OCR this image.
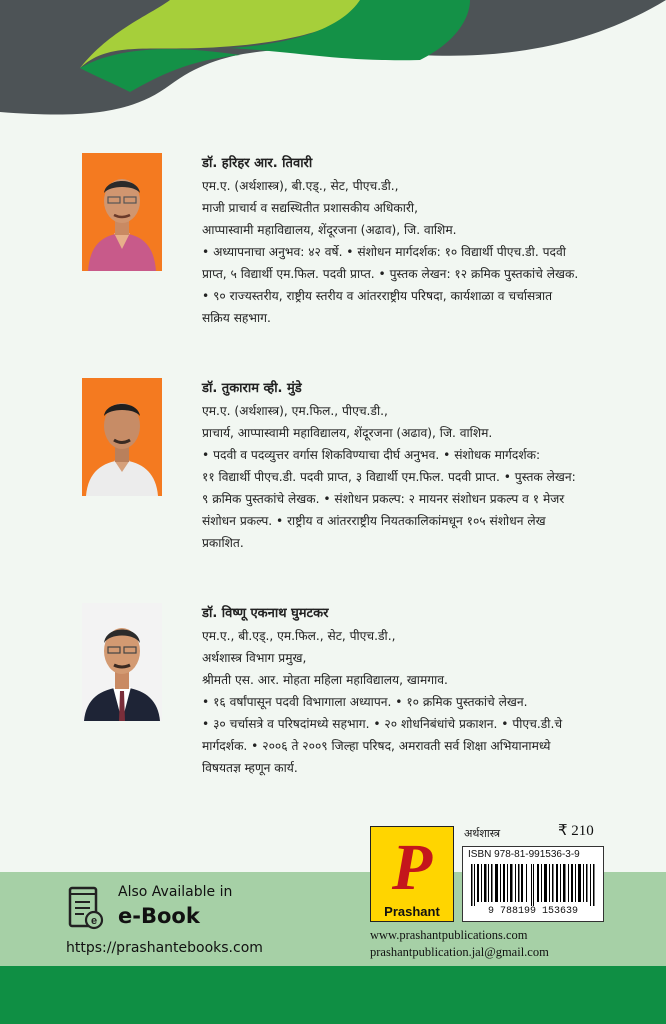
डॉ. हरिहर आर. तिवारी
एम.ए. (अर्थशास्त्र), बी.एड्., सेट, पीएच.डी.,
माजी प्राचार्य व सद्यस्थितीत प्रशासकीय अधिकारी,
आप्पास्वामी महाविद्यालय, शेंदूरजना (अढाव), जि. वाशिम.
• अध्यापनाचा अनुभव: ४२ वर्षे. • संशोधन मार्गदर्शक: १० विद्यार्थी पीएच.डी. पदवी
प्राप्त, ५ विद्यार्थी एम.फिल. पदवी प्राप्त. • पुस्तक लेखन: १२ क्रमिक पुस्तकांचे लेखक.
• ९० राज्यस्तरीय, राष्ट्रीय स्तरीय व आंतरराष्ट्रीय परिषदा, कार्यशाळा व चर्चासत्रात
सक्रिय सहभाग.
डॉ. तुकाराम व्ही. मुंडे
एम.ए. (अर्थशास्त्र), एम.फिल., पीएच.डी.,
प्राचार्य, आप्पास्वामी महाविद्यालय, शेंदूरजना (अढाव), जि. वाशिम.
• पदवी व पदव्युत्तर वर्गास शिकविण्याचा दीर्घ अनुभव. • संशोधक मार्गदर्शक:
११ विद्यार्थी पीएच.डी. पदवी प्राप्त, ३ विद्यार्थी एम.फिल. पदवी प्राप्त. • पुस्तक लेखन:
९ क्रमिक पुस्तकांचे लेखक. • संशोधन प्रकल्प: २ मायनर संशोधन प्रकल्प व १ मेजर
संशोधन प्रकल्प. • राष्ट्रीय व आंतरराष्ट्रीय नियतकालिकांमधून १०५ संशोधन लेख
प्रकाशित.
डॉ. विष्णू एकनाथ घुमटकर
एम.ए., बी.एड्., एम.फिल., सेट, पीएच.डी.,
अर्थशास्त्र विभाग प्रमुख,
श्रीमती एस. आर. मोहता महिला महाविद्यालय, खामगाव.
• १६ वर्षांपासून पदवी विभागाला अध्यापन. • १० क्रमिक पुस्तकांचे लेखन.
• ३० चर्चासत्रे व परिषदांमध्ये सहभाग. • २० शोधनिबंधांचे प्रकाशन. • पीएच.डी.चे
मार्गदर्शक. • २००६ ते २००९ जिल्हा परिषद, अमरावती सर्व शिक्षा अभियानामध्ये
विषयतज्ञ म्हणून कार्य.
e
Also Available in
e-Book
https://prashantebooks.com
P
Prashant
अर्थशास्त्र	₹ 210
ISBN 978-81-991536-3-9
9 788199 153639
www.prashantpublications.com
prashantpublication.jal@gmail.com
